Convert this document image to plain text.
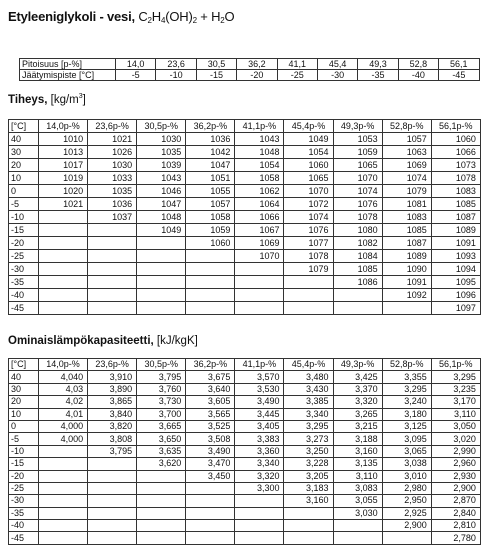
Etyleeniglykoli - vesi, $C_2H_4(OH)_2 + H_2O$
Pitoisuus [p-%]	14,0	23,6	30,5	36,2	41,1	45,4	49,3	52,8	56,1
Jäätymispiste [°C]	-5	-10	-15	-20	-25	-30	-35	-40	-45
Tiheys, $[kg/m^3]$
[°C]	14,0p-%	23,6p-%	30,5p-%	36,2p-%	41,1p-%	45,4p-%	49,3p-%	52,8p-%	56,1p-%
40	1010	1021	1030	1036	1043	1049	1053	1057	1060
30	1013	1026	1035	1042	1048	1054	1059	1063	1066
20	1017	1030	1039	1047	1054	1060	1065	1069	1073
10	1019	1033	1043	1051	1058	1065	1070	1074	1078
0	1020	1035	1046	1055	1062	1070	1074	1079	1083
-5	1021	1036	1047	1057	1064	1072	1076	1081	1085
-10		1037	1048	1058	1066	1074	1078	1083	1087
-15			1049	1059	1067	1076	1080	1085	1089
-20				1060	1069	1077	1082	1087	1091
-25					1070	1078	1084	1089	1093
-30						1079	1085	1090	1094
-35							1086	1091	1095
-40								1092	1096
-45									1097
Ominaislämpökapasiteetti, [kJ/kgK]
[°C]	14,0p-%	23,6p-%	30,5p-%	36,2p-%	41,1p-%	45,4p-%	49,3p-%	52,8p-%	56,1p-%
40	4,040	3,910	3,795	3,675	3,570	3,480	3,425	3,355	3,295
30	4,03	3,890	3,760	3,640	3,530	3,430	3,370	3,295	3,235
20	4,02	3,865	3,730	3,605	3,490	3,385	3,320	3,240	3,170
10	4,01	3,840	3,700	3,565	3,445	3,340	3,265	3,180	3,110
0	4,000	3,820	3,665	3,525	3,405	3,295	3,215	3,125	3,050
-5	4,000	3,808	3,650	3,508	3,383	3,273	3,188	3,095	3,020
-10		3,795	3,635	3,490	3,360	3,250	3,160	3,065	2,990
-15			3,620	3,470	3,340	3,228	3,135	3,038	2,960
-20				3,450	3,320	3,205	3,110	3,010	2,930
-25					3,300	3,183	3,083	2,980	2,900
-30						3,160	3,055	2,950	2,870
-35							3,030	2,925	2,840
-40								2,900	2,810
-45									2,780
